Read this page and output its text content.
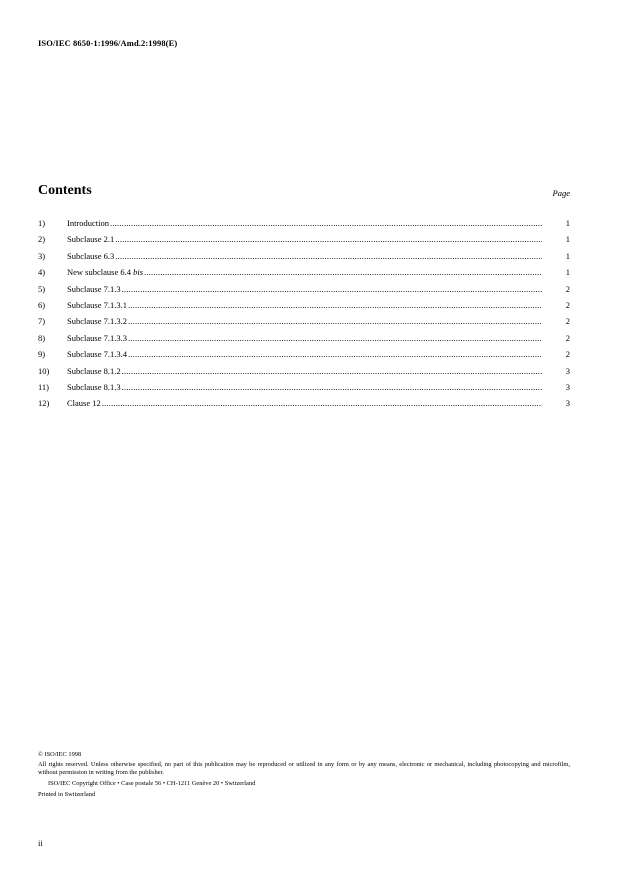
ISO/IEC 8650-1:1996/Amd.2:1998(E)
Contents	Page
1)	Introduction .....	1
2)	Subclause 2.1 .....	1
3)	Subclause 6.3 .....	1
4)	New subclause 6.4 bis .....	1
5)	Subclause 7.1.3 .....	2
6)	Subclause 7.1.3.1 .....	2
7)	Subclause 7.1.3.2 .....	2
8)	Subclause 7.1.3.3 .....	2
9)	Subclause 7.1.3.4 .....	2
10)	Subclause 8.1.2 .....	3
11)	Subclause 8.1.3 .....	3
12)	Clause 12 .....	3

© ISO/IEC 1998

All rights reserved. Unless otherwise specified, no part of this publication may be reproduced or utilized in any form or by any means, electronic or mechanical, including photocopying and microfilm, without permission in writing from the publisher.

ISO/IEC Copyright Office • Case postale 56 • CH-1211 Genève 20 • Switzerland

Printed in Switzerland

ii
